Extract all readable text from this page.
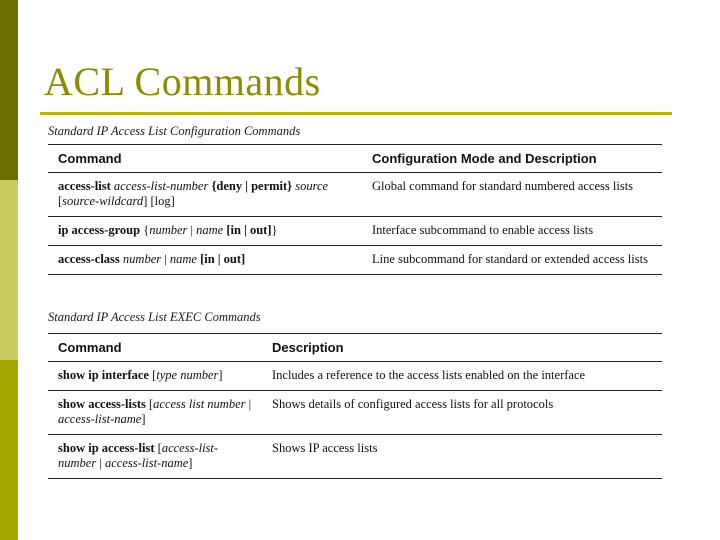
ACL Commands
Standard IP Access List Configuration Commands
Command	Configuration Mode and Description
access-list access-list-number {deny | permit} source [source-wildcard] [log]	Global command for standard numbered access lists
ip access-group {number | name [in | out]}	Interface subcommand to enable access lists
access-class number | name [in | out]	Line subcommand for standard or extended access lists
Standard IP Access List EXEC Commands
Command	Description
show ip interface [type number]	Includes a reference to the access lists enabled on the interface
show access-lists [access list number | access-list-name]	Shows details of configured access lists for all protocols
show ip access-list [access-list-number | access-list-name]	Shows IP access lists
